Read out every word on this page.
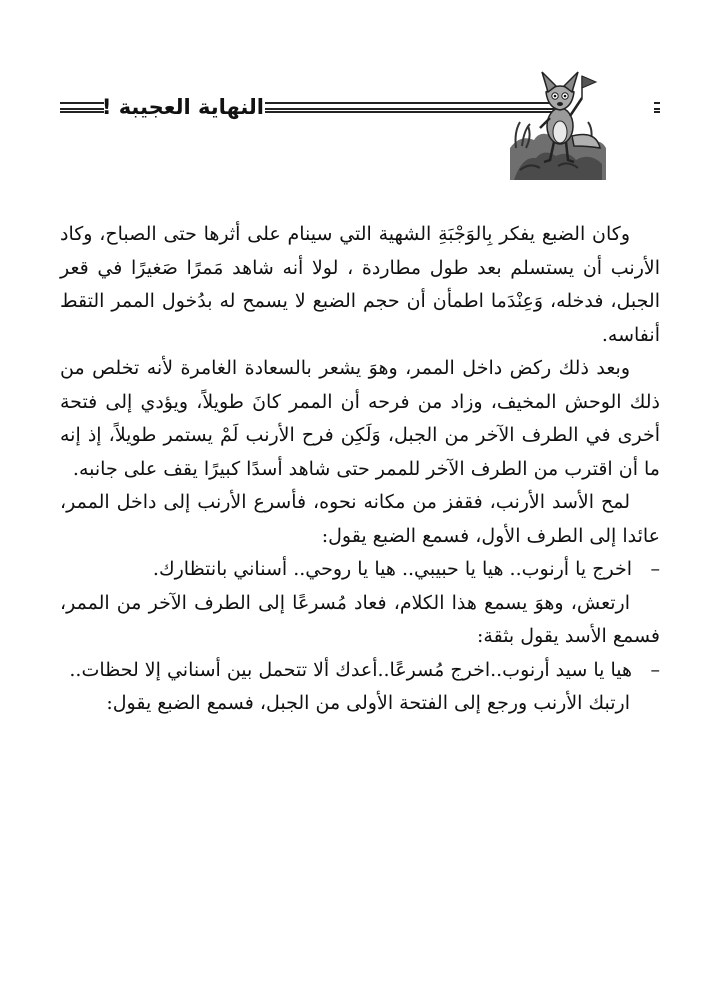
النهاية العجيبة !

وكان الضبع يفكر بِالوَجْبَةِ الشهية التي سينام على أثرها حتى الصباح، وكاد الأرنب أن يستسلم بعد طول مطاردة ، لولا أنه شاهد مَمرًا صَغيرًا في قعر الجبل، فدخله، وَعِنْدَما اطمأن أن حجم الضبع لا يسمح له بدُخول الممر التقط أنفاسه.

وبعد ذلك ركض داخل الممر، وهوَ يشعر بالسعادة الغامرة لأنه تخلص من ذلك الوحش المخيف، وزاد من فرحه أن الممر كانَ طويلاً، ويؤدي إلى فتحة أخرى في الطرف الآخر من الجبل، وَلَكِن فرح الأرنب لَمْ يستمر طويلاً، إذ إنه ما أن اقترب من الطرف الآخر للممر حتى شاهد أسدًا كبيرًا يقف على جانبه.

لمح الأسد الأرنب، فقفز من مكانه نحوه، فأسرع الأرنب إلى داخل الممر، عائدا إلى الطرف الأول، فسمع الضبع يقول:

–اخرج يا أرنوب.. هيا يا حبيبي.. هيا يا روحي.. أسناني بانتظارك.

ارتعش، وهوَ يسمع هذا الكلام، فعاد مُسرعًا إلى الطرف الآخر من الممر، فسمع الأسد يقول بثقة:

–هيا يا سيد أرنوب..اخرج مُسرعًا..أعدك ألا تتحمل بين أسناني إلا لحظات..

ارتبك الأرنب ورجع إلى الفتحة الأولى من الجبل، فسمع الضبع يقول:
